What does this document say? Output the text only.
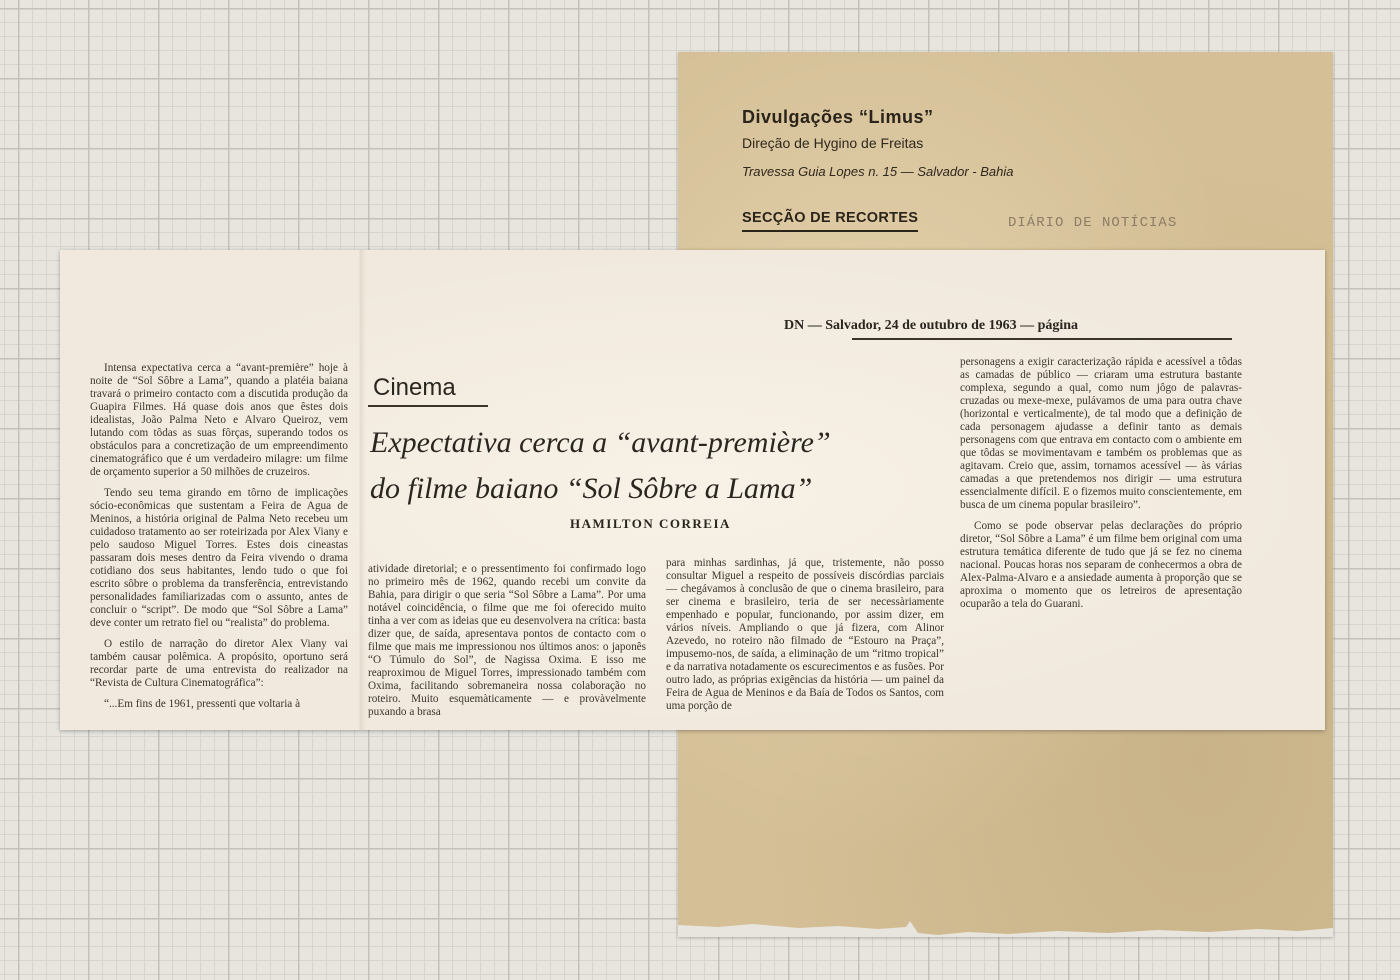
Divulgações “Limus”
Direção de Hygino de Freitas
Travessa Guia Lopes n. 15 — Salvador - Bahia
SECÇÃO DE RECORTES	DIÁRIO DE NOTÍCIAS
DN — Salvador, 24 de outubro de 1963 — página
Cinema
Expectativa cerca a “avant-première”
do filme baiano “Sol Sôbre a Lama”
HAMILTON CORREIA

Intensa expectativa cerca a “avant-première” hoje à noite de “Sol Sôbre a Lama”, quando a platéia baiana travará o primeiro contacto com a discutida produção da Guapira Filmes. Há quase dois anos que êstes dois idealistas, João Palma Neto e Alvaro Queiroz, vem lutando com tôdas as suas fôrças, superando todos os obstáculos para a concretização de um empreendimento cinematográfico que é um verdadeiro milagre: um filme de orçamento superior a 50 milhões de cruzeiros.

Tendo seu tema girando em tôrno de implicações sócio-econômicas que sustentam a Feira de Agua de Meninos, a história original de Palma Neto recebeu um cuidadoso tratamento ao ser roteirizada por Alex Viany e pelo saudoso Miguel Torres. Estes dois cineastas passaram dois meses dentro da Feira vivendo o drama cotidiano dos seus habitantes, lendo tudo o que foi escrito sôbre o problema da transferência, entrevistando personalidades familiarizadas com o assunto, antes de concluir o “script”. De modo que “Sol Sôbre a Lama” deve conter um retrato fiel ou “realista” do problema.

O estilo de narração do diretor Alex Viany vai também causar polêmica. A propósito, oportuno será recordar parte de uma entrevista do realizador na “Revista de Cultura Cinematográfica”:

“...Em fins de 1961, pressenti que voltaria à

atividade diretorial; e o pressentimento foi confirmado logo no primeiro mês de 1962, quando recebi um convite da Bahia, para dirigir o que seria “Sol Sôbre a Lama”. Por uma notável coincidência, o filme que me foi oferecido muito tinha a ver com as ideias que eu desenvolvera na crítica: basta dizer que, de saída, apresentava pontos de contacto com o filme que mais me impressionou nos últimos anos: o japonês “O Túmulo do Sol”, de Nagissa Oxima. E isso me reaproximou de Miguel Torres, impressionado também com Oxima, facilitando sobremaneira nossa colaboração no roteiro. Muito esquemàticamente — e provàvelmente puxando a brasa

para minhas sardinhas, já que, tristemente, não posso consultar Miguel a respeito de possíveis discórdias parciais — chegávamos à conclusão de que o cinema brasileiro, para ser cinema e brasileiro, teria de ser necessàriamente empenhado e popular, funcionando, por assim dizer, em vários níveis. Ampliando o que já fizera, com Alinor Azevedo, no roteiro não filmado de “Estouro na Praça”, impusemo-nos, de saída, a eliminação de um “ritmo tropical” e da narrativa notadamente os escurecimentos e as fusões. Por outro lado, as próprias exigências da história — um painel da Feira de Agua de Meninos e da Baía de Todos os Santos, com uma porção de

personagens a exigir caracterização rápida e acessível a tôdas as camadas de público — criaram uma estrutura bastante complexa, segundo a qual, como num jôgo de palavras-cruzadas ou mexe-mexe, pulávamos de uma para outra chave (horizontal e verticalmente), de tal modo que a definição de cada personagem ajudasse a definir tanto as demais personagens com que entrava em contacto com o ambiente em que tôdas se movimentavam e também os problemas que as agitavam. Creio que, assim, tornamos acessível — às várias camadas a que pretendemos nos dirigir — uma estrutura essencialmente difícil. E o fizemos muito conscientemente, em busca de um cinema popular brasileiro”.

Como se pode observar pelas declarações do próprio diretor, “Sol Sôbre a Lama” é um filme bem original com uma estrutura temática diferente de tudo que já se fez no cinema nacional. Poucas horas nos separam de conhecermos a obra de Alex-Palma-Alvaro e a ansiedade aumenta à proporção que se aproxima o momento que os letreiros de apresentação ocuparão a tela do Guarani.
